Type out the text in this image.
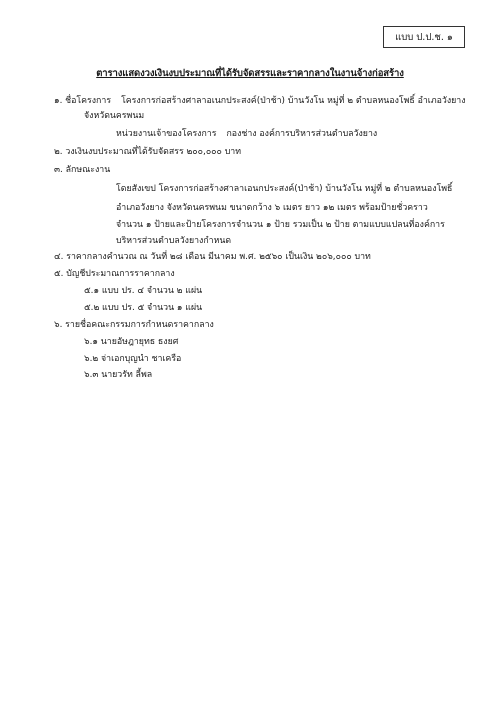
แบบ ป.ป.ช. ๑
ตารางแสดงวงเงินงบประมาณที่ได้รับจัดสรรและราคากลางในงานจ้างก่อสร้าง
๑. ชื่อโครงการ โครงการก่อสร้างศาลาอเนกประสงค์(ป่าช้า) บ้านวังโน หมู่ที่ ๒ ตำบลหนองโพธิ์ อำเภอวังยาง
จังหวัดนครพนม
หน่วยงานเจ้าของโครงการ กองช่าง องค์การบริหารส่วนตำบลวังยาง
๒. วงเงินงบประมาณที่ได้รับจัดสรร ๒๐๐,๐๐๐ บาท
๓. ลักษณะงาน
โดยสังเขป โครงการก่อสร้างศาลาเอนกประสงค์(ป่าช้า) บ้านวังโน หมู่ที่ ๒ ตำบลหนองโพธิ์
อำเภอวังยาง จังหวัดนครพนม ขนาดกว้าง ๖ เมตร ยาว ๑๒ เมตร พร้อมป้ายชั่วคราว
จำนวน ๑ ป้ายและป้ายโครงการจำนวน ๑ ป้าย รวมเป็น ๒ ป้าย ตามแบบแปลนที่องค์การ
บริหารส่วนตำบลวังยางกำหนด
๔. ราคากลางคำนวณ ณ วันที่ ๒๘ เดือน มีนาคม พ.ศ. ๒๕๖๐ เป็นเงิน ๒๐๖,๐๐๐ บาท
๕. บัญชีประมาณการราคากลาง
๕.๑ แบบ ปร. ๔ จำนวน ๒ แผ่น
๕.๒ แบบ ปร. ๕ จำนวน ๑ แผ่น
๖. รายชื่อคณะกรรมการกำหนดราคากลาง
๖.๑ นายอัษฎายุทธ ธงยศ
๖.๒ จ่าเอกบุญนำ ชาเครือ
๖.๓ นายวรัท ลี้พล
